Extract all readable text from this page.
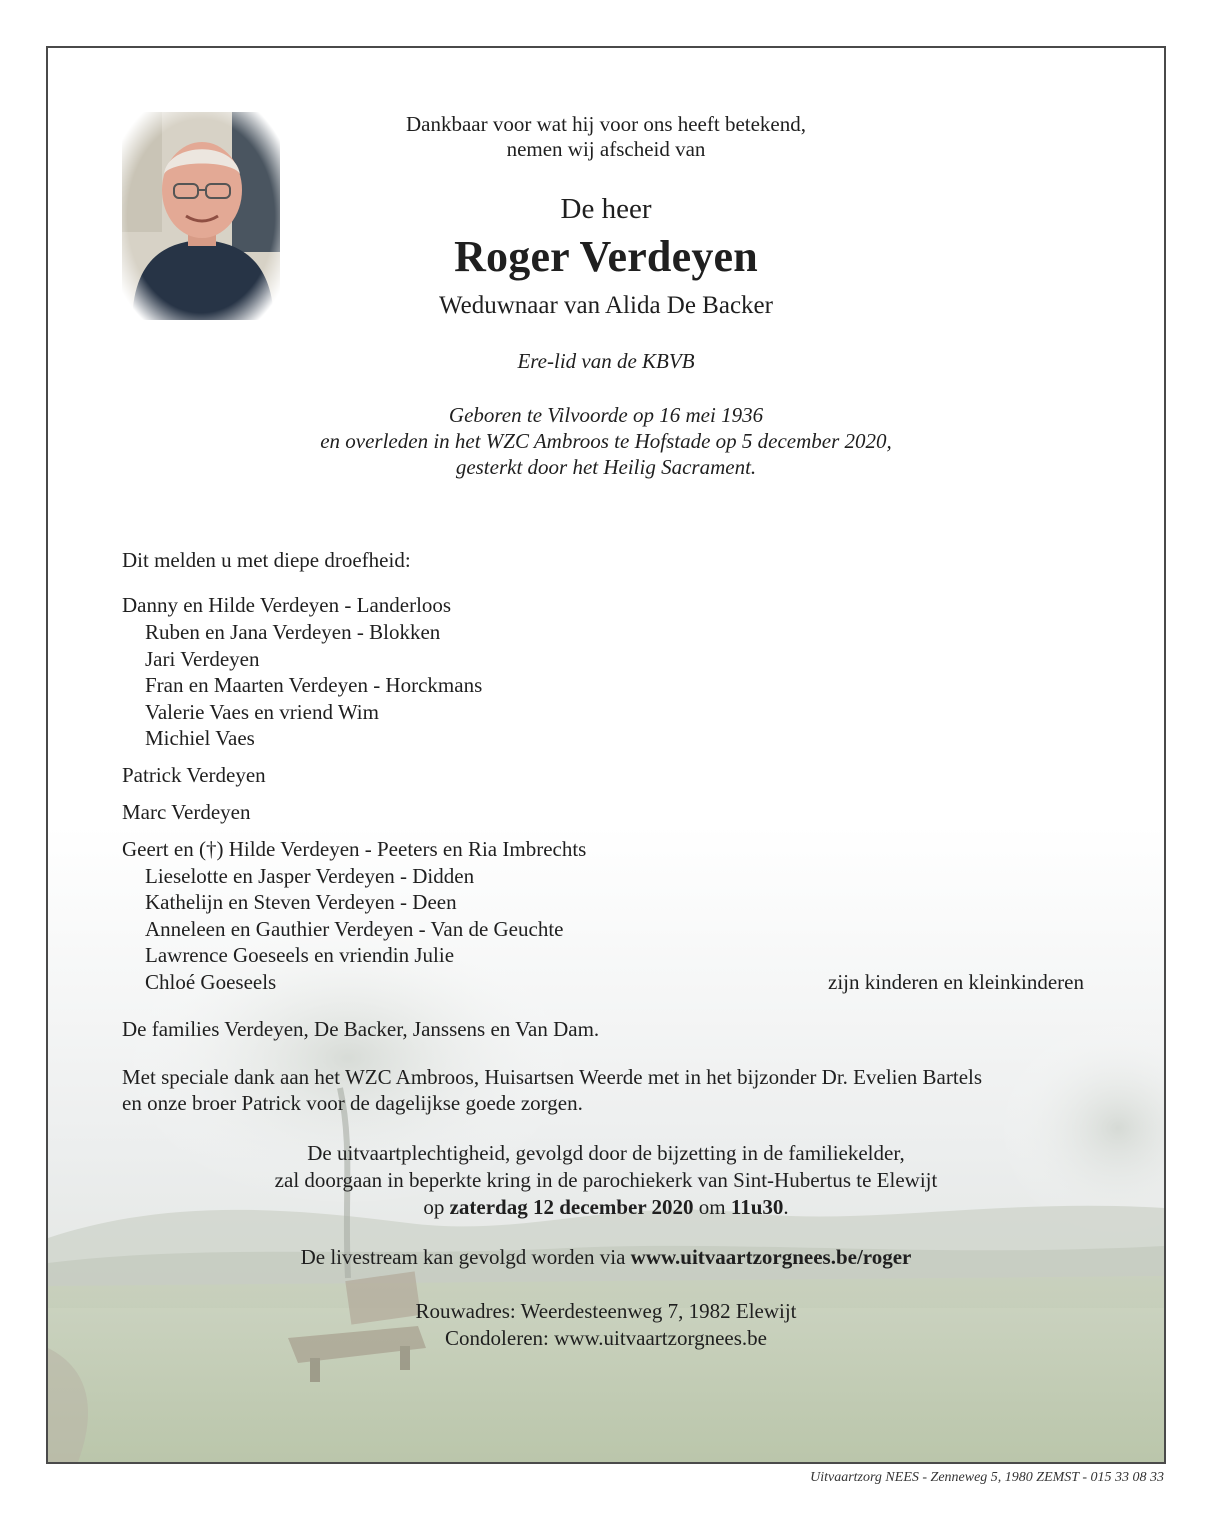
Dankbaar voor wat hij voor ons heeft betekend,
nemen wij afscheid van
De heer
Roger Verdeyen
Weduwnaar van Alida De Backer
Ere-lid van de KBVB
Geboren te Vilvoorde op 16 mei 1936
en overleden in het WZC Ambroos te Hofstade op 5 december 2020,
gesterkt door het Heilig Sacrament.
Dit melden u met diepe droefheid:
Danny en Hilde Verdeyen - Landerloos
Ruben en Jana Verdeyen - Blokken
Jari Verdeyen
Fran en Maarten Verdeyen - Horckmans
Valerie Vaes en vriend Wim
Michiel Vaes
Patrick Verdeyen
Marc Verdeyen
Geert en (†) Hilde Verdeyen - Peeters en Ria Imbrechts
Lieselotte en Jasper Verdeyen - Didden
Kathelijn en Steven Verdeyen - Deen
Anneleen en Gauthier Verdeyen - Van de Geuchte
Lawrence Goeseels en vriendin Julie
Chloé Goeseels	zijn kinderen en kleinkinderen
De families Verdeyen, De Backer, Janssens en Van Dam.
Met speciale dank aan het WZC Ambroos, Huisartsen Weerde met in het bijzonder Dr. Evelien Bartels
en onze broer Patrick voor de dagelijkse goede zorgen.
De uitvaartplechtigheid, gevolgd door de bijzetting in de familiekelder,
zal doorgaan in beperkte kring in de parochiekerk van Sint-Hubertus te Elewijt
op zaterdag 12 december 2020 om 11u30.
De livestream kan gevolgd worden via www.uitvaartzorgnees.be/roger
Rouwadres: Weerdesteenweg 7, 1982 Elewijt
Condoleren: www.uitvaartzorgnees.be
Uitvaartzorg NEES - Zenneweg 5, 1980 ZEMST - 015 33 08 33
